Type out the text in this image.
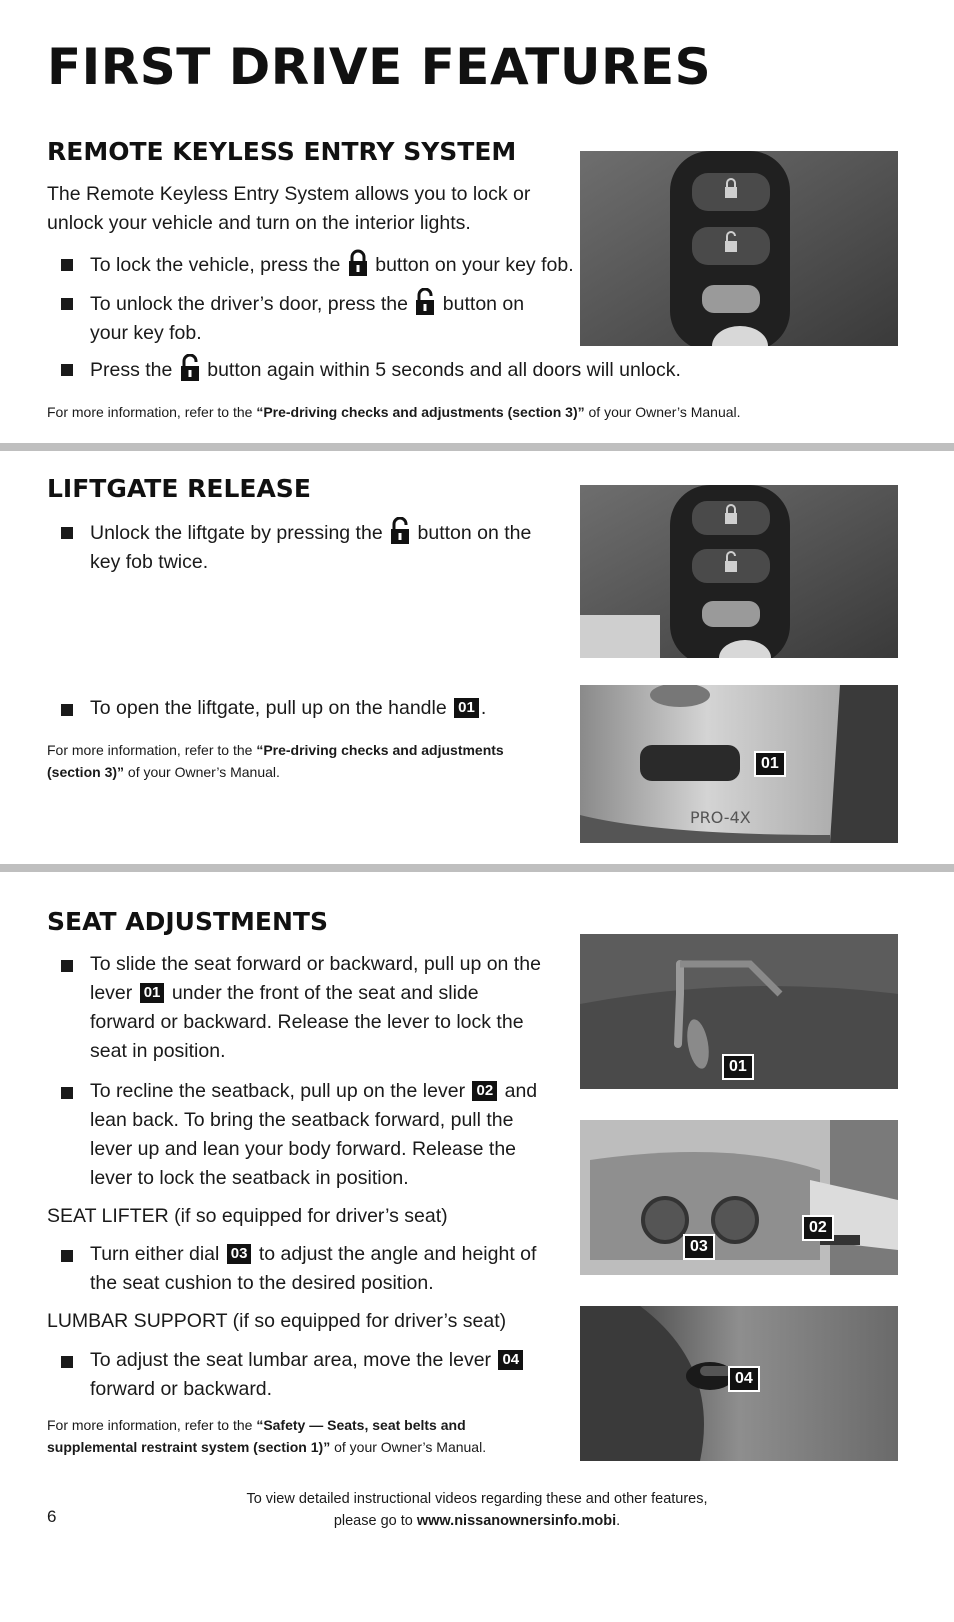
FIRST DRIVE FEATURES
REMOTE KEYLESS ENTRY SYSTEM
The Remote Keyless Entry System allows you to lock or unlock your vehicle and turn on the interior lights.
To lock the vehicle, press the button on your key fob.
To unlock the driver’s door, press the button on your key fob.
Press the button again within 5 seconds and all doors will unlock.
For more information, refer to the “Pre-driving checks and adjustments (section 3)” of your Owner’s Manual.
LIFTGATE RELEASE
Unlock the liftgate by pressing the button on the key fob twice.
To open the liftgate, pull up on the handle 01 .
For more information, refer to the “Pre-driving checks and adjustments (section 3)” of your Owner’s Manual.
PRO-4X
01
SEAT ADJUSTMENTS
To slide the seat forward or backward, pull up on the lever 01 under the front of the seat and slide forward or backward. Release the lever to lock the seat in position.
To recline the seatback, pull up on the lever 02 and lean back. To bring the seatback forward, pull the lever up and lean your body forward. Release the lever to lock the seatback in position.
SEAT LIFTER (if so equipped for driver’s seat)
Turn either dial 03 to adjust the angle and height of the seat cushion to the desired position.
LUMBAR SUPPORT (if so equipped for driver’s seat)
To adjust the seat lumbar area, move the lever 04 forward or backward.
For more information, refer to the “Safety — Seats, seat belts and supplemental restraint system (section 1)” of your Owner’s Manual.
01
03
02
04
6
To view detailed instructional videos regarding these and other features,
please go to www.nissanownersinfo.mobi.
